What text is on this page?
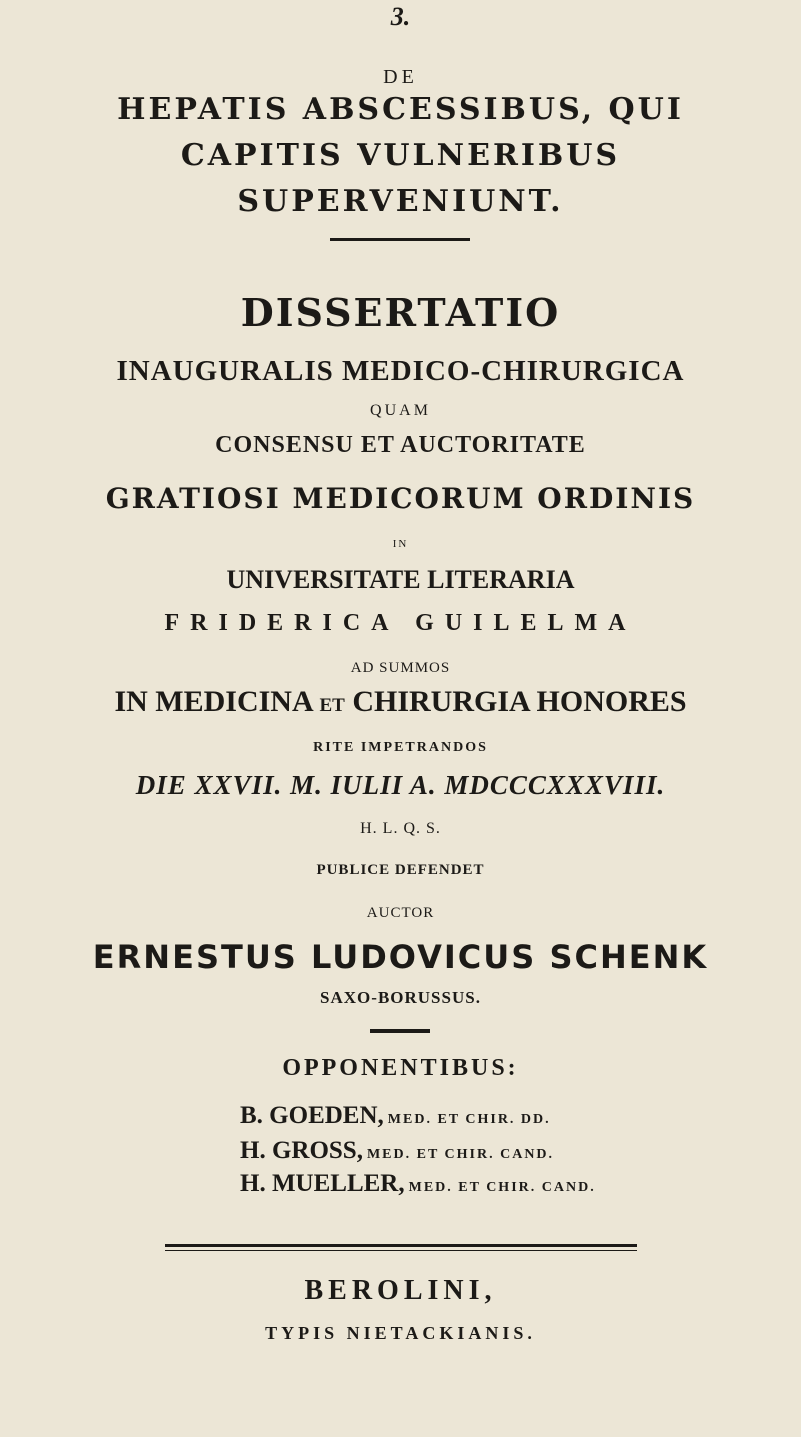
3.
DE
HEPATIS ABSCESSIBUS, QUI
CAPITIS VULNERIBUS
SUPERVENIUNT.
DISSERTATIO
INAUGURALIS MEDICO-CHIRURGICA
QUAM
CONSENSU ET AUCTORITATE
GRATIOSI MEDICORUM ORDINIS
IN
UNIVERSITATE LITERARIA
FRIDERICA GUILELMA
AD SUMMOS
IN MEDICINA ET CHIRURGIA HONORES
RITE IMPETRANDOS
DIE XXVII. M. IULII A. MDCCCXXXVIII.
H. L. Q. S.
PUBLICE DEFENDET
AUCTOR
ERNESTUS LUDOVICUS SCHENK
SAXO-BORUSSUS.
OPPONENTIBUS:
B. GOEDEN, MED. ET CHIR. DD.
H. GROSS, MED. ET CHIR. CAND.
H. MUELLER, MED. ET CHIR. CAND.
BEROLINI,
TYPIS NIETACKIANIS.
